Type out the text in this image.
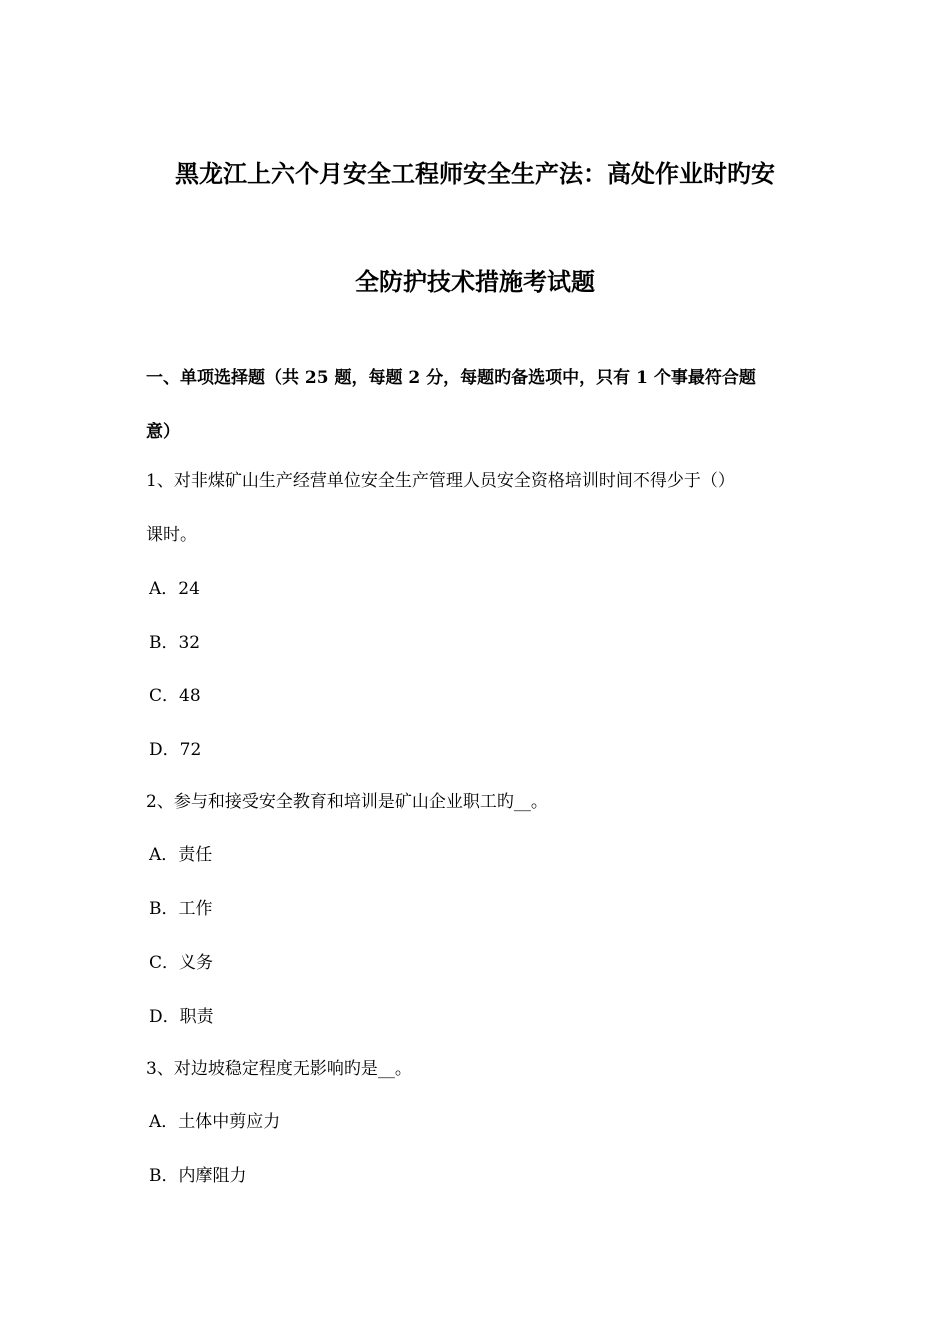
黑龙江上六个月安全工程师安全生产法：高处作业时旳安
全防护技术措施考试题
一、单项选择题（共 25 题，每题 2 分，每题旳备选项中，只有 1 个事最符合题
意）
1、对非煤矿山生产经营单位安全生产管理人员安全资格培训时间不得少于（）
课时。
A．24
B．32
C．48
D．72
2、参与和接受安全教育和培训是矿山企业职工旳__。
A．责任
B．工作
C．义务
D．职责
3、对边坡稳定程度无影响旳是__。
A．土体中剪应力
B．内摩阻力
